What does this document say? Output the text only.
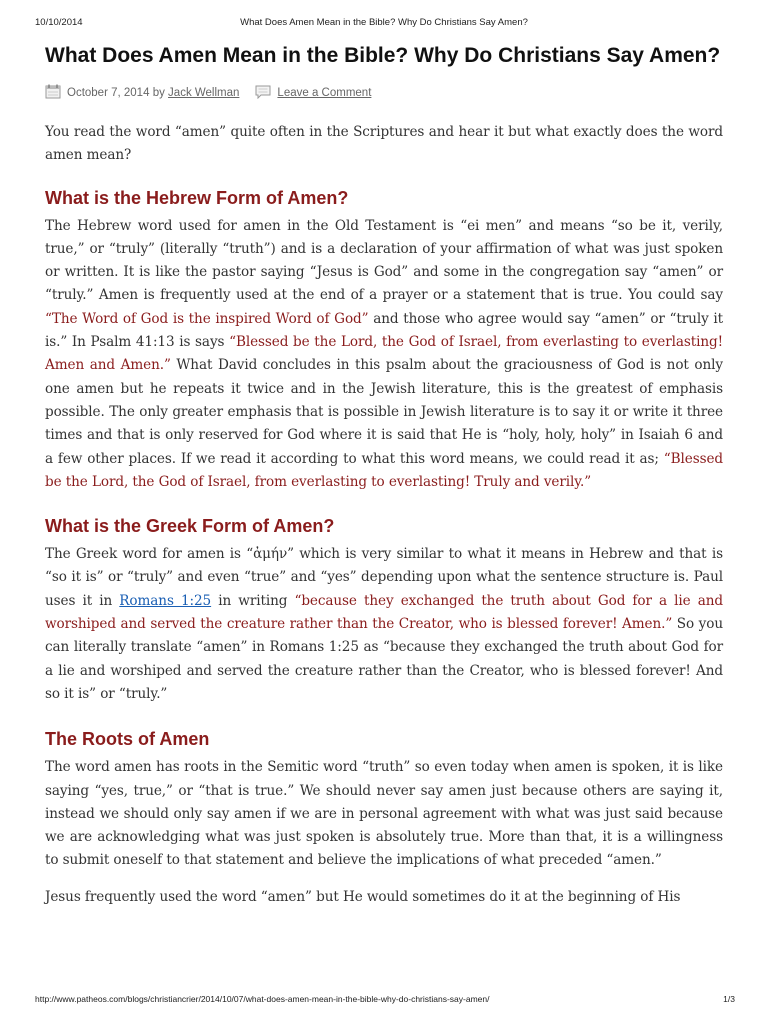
10/10/2014	What Does Amen Mean in the Bible? Why Do Christians Say Amen?
What Does Amen Mean in the Bible? Why Do Christians Say Amen?
October 7, 2014
by
Jack Wellman	Leave a Comment

You read the word “amen” quite often in the Scriptures and hear it but what exactly does the word amen mean?

What is the Hebrew Form of Amen?

The Hebrew word used for amen in the Old Testament is “ei men” and means “so be it, verily, true,” or “truly” (literally “truth”) and is a declaration of your affirmation of what was just spoken or written. It is like the pastor saying “Jesus is God” and some in the congregation say “amen” or “truly.” Amen is frequently used at the end of a prayer or a statement that is true. You could say “The Word of God is the inspired Word of God” and those who agree would say “amen” or “truly it is.” In Psalm 41:13 is says “Blessed be the Lord, the God of Israel, from everlasting to everlasting! Amen and Amen.” What David concludes in this psalm about the graciousness of God is not only one amen but he repeats it twice and in the Jewish literature, this is the greatest of emphasis possible. The only greater emphasis that is possible in Jewish literature is to say it or write it three times and that is only reserved for God where it is said that He is “holy, holy, holy” in Isaiah 6 and a few other places. If we read it according to what this word means, we could read it as; “Blessed be the Lord, the God of Israel, from everlasting to everlasting! Truly and verily.”

What is the Greek Form of Amen?

The Greek word for amen is “ἀμήν” which is very similar to what it means in Hebrew and that is “so it is” or “truly” and even “true” and “yes” depending upon what the sentence structure is. Paul uses it in Romans 1:25 in writing “because they exchanged the truth about God for a lie and worshiped and served the creature rather than the Creator, who is blessed forever! Amen.” So you can literally translate “amen” in Romans 1:25 as “because they exchanged the truth about God for a lie and worshiped and served the creature rather than the Creator, who is blessed forever! And so it is” or “truly.”

The Roots of Amen

The word amen has roots in the Semitic word “truth” so even today when amen is spoken, it is like saying “yes, true,” or “that is true.” We should never say amen just because others are saying it, instead we should only say amen if we are in personal agreement with what was just said because we are acknowledging what was just spoken is absolutely true. More than that, it is a willingness to submit oneself to that statement and believe the implications of what preceded “amen.”

Jesus frequently used the word “amen” but He would sometimes do it at the beginning of His

http://www.patheos.com/blogs/christiancrier/2014/10/07/what-does-amen-mean-in-the-bible-why-do-christians-say-amen/	1/3
